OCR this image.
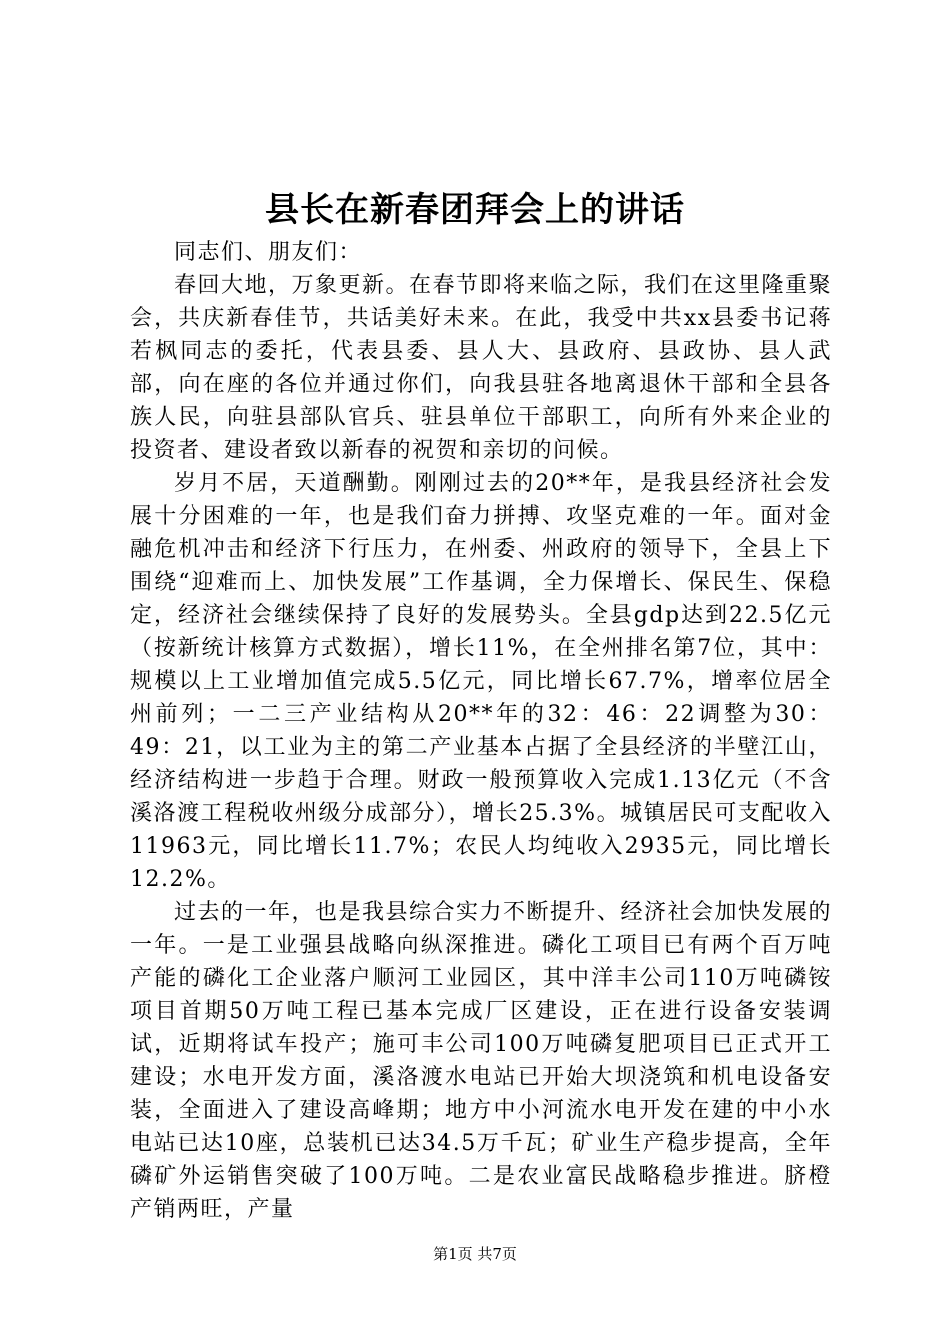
县长在新春团拜会上的讲话

同志们、朋友们：

春回大地，万象更新。在春节即将来临之际，我们在这里隆重聚会，共庆新春佳节，共话美好未来。在此，我受中共xx县委书记蒋若枫同志的委托，代表县委、县人大、县政府、县政协、县人武部，向在座的各位并通过你们，向我县驻各地离退休干部和全县各族人民，向驻县部队官兵、驻县单位干部职工，向所有外来企业的投资者、建设者致以新春的祝贺和亲切的问候。

岁月不居，天道酬勤。刚刚过去的20**年，是我县经济社会发展十分困难的一年，也是我们奋力拼搏、攻坚克难的一年。面对金融危机冲击和经济下行压力，在州委、州政府的领导下，全县上下围绕“迎难而上、加快发展”工作基调，全力保增长、保民生、保稳定，经济社会继续保持了良好的发展势头。全县gdp达到22.5亿元（按新统计核算方式数据），增长11%，在全州排名第7位，其中：规模以上工业增加值完成5.5亿元，同比增长67.7%，增率位居全州前列；一二三产业结构从20**年的32：46：22调整为30：49：21，以工业为主的第二产业基本占据了全县经济的半壁江山，经济结构进一步趋于合理。财政一般预算收入完成1.13亿元（不含溪洛渡工程税收州级分成部分），增长25.3%。城镇居民可支配收入11963元，同比增长11.7%；农民人均纯收入2935元，同比增长12.2%。

过去的一年，也是我县综合实力不断提升、经济社会加快发展的一年。一是工业强县战略向纵深推进。磷化工项目已有两个百万吨产能的磷化工企业落户顺河工业园区，其中洋丰公司110万吨磷铵项目首期50万吨工程已基本完成厂区建设，正在进行设备安装调试，近期将试车投产；施可丰公司100万吨磷复肥项目已正式开工建设；水电开发方面，溪洛渡水电站已开始大坝浇筑和机电设备安装，全面进入了建设高峰期；地方中小河流水电开发在建的中小水电站已达10座，总装机已达34.5万千瓦；矿业生产稳步提高，全年磷矿外运销售突破了100万吨。二是农业富民战略稳步推进。脐橙产销两旺，产量

第1页 共7页
